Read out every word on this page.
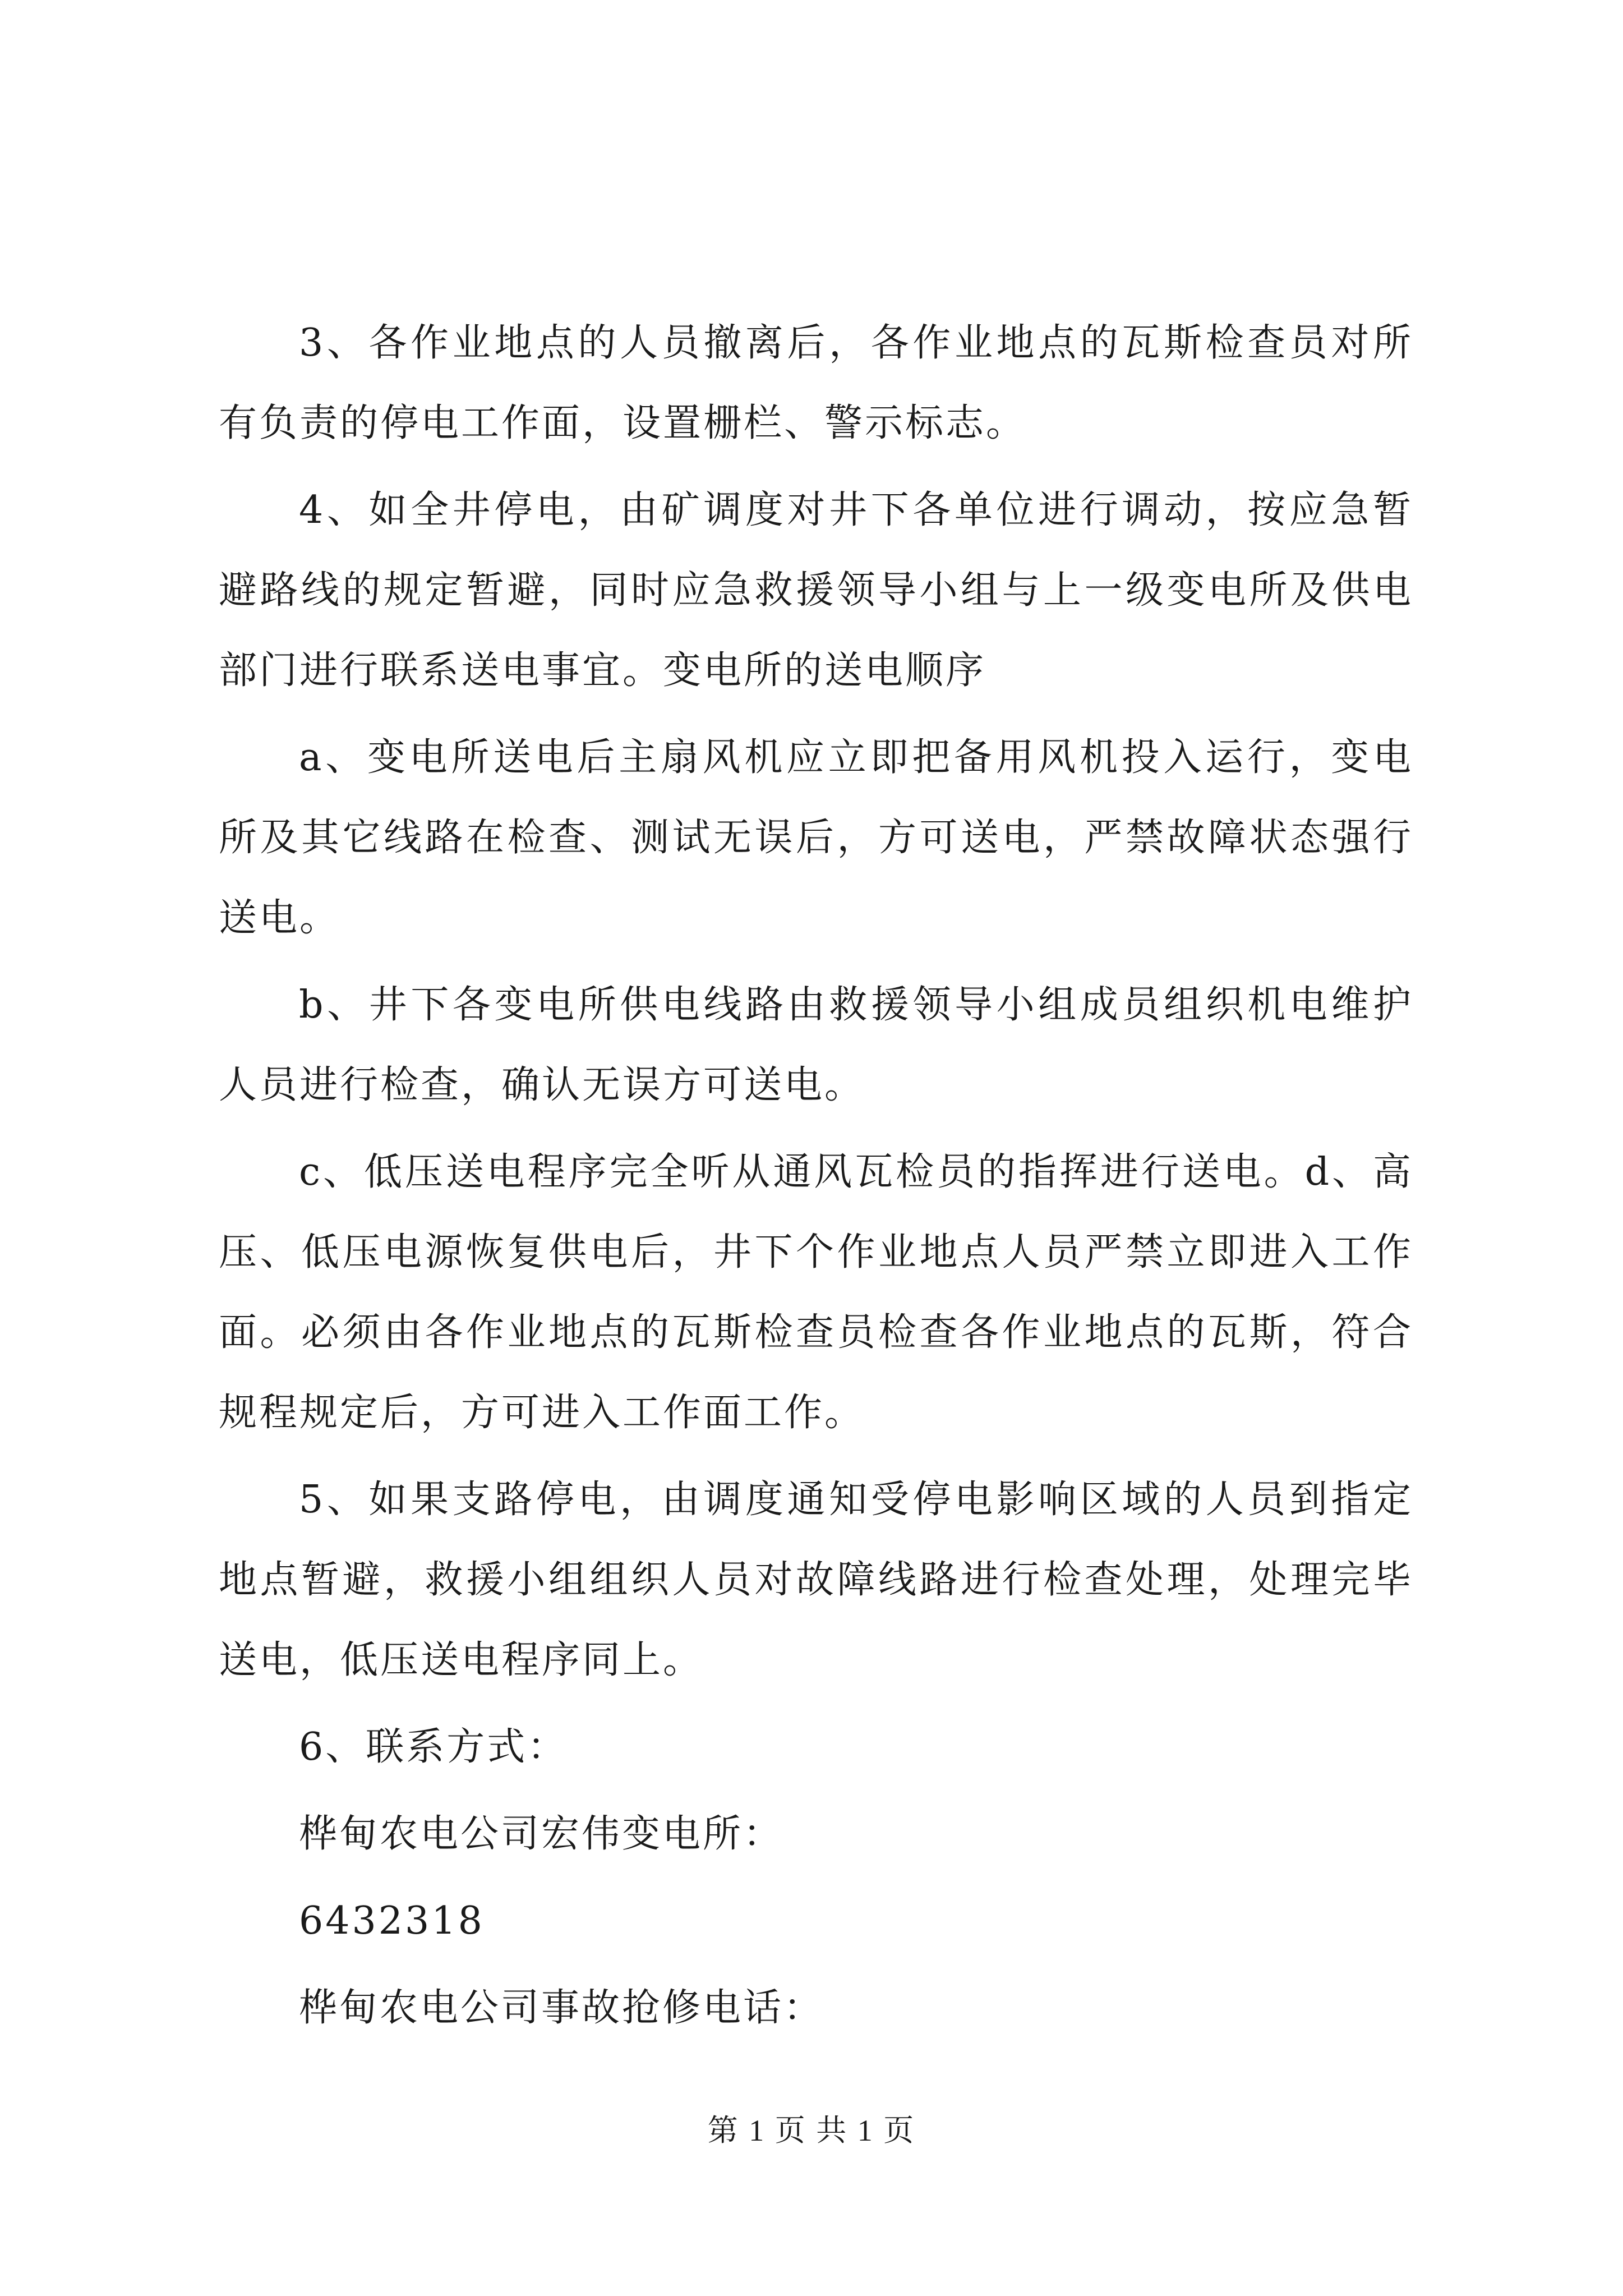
3、各作业地点的人员撤离后，各作业地点的瓦斯检查员对所有负责的停电工作面，设置栅栏、警示标志。

4、如全井停电，由矿调度对井下各单位进行调动，按应急暂避路线的规定暂避，同时应急救援领导小组与上一级变电所及供电部门进行联系送电事宜。变电所的送电顺序

a、变电所送电后主扇风机应立即把备用风机投入运行，变电所及其它线路在检查、测试无误后，方可送电，严禁故障状态强行送电。

b、井下各变电所供电线路由救援领导小组成员组织机电维护人员进行检查，确认无误方可送电。

c、低压送电程序完全听从通风瓦检员的指挥进行送电。d、高压、低压电源恢复供电后，井下个作业地点人员严禁立即进入工作面。必须由各作业地点的瓦斯检查员检查各作业地点的瓦斯，符合规程规定后，方可进入工作面工作。

5、如果支路停电，由调度通知受停电影响区域的人员到指定地点暂避，救援小组组织人员对故障线路进行检查处理，处理完毕送电，低压送电程序同上。

6、联系方式：

桦甸农电公司宏伟变电所：

6432318

桦甸农电公司事故抢修电话：

第 1 页 共 1 页
